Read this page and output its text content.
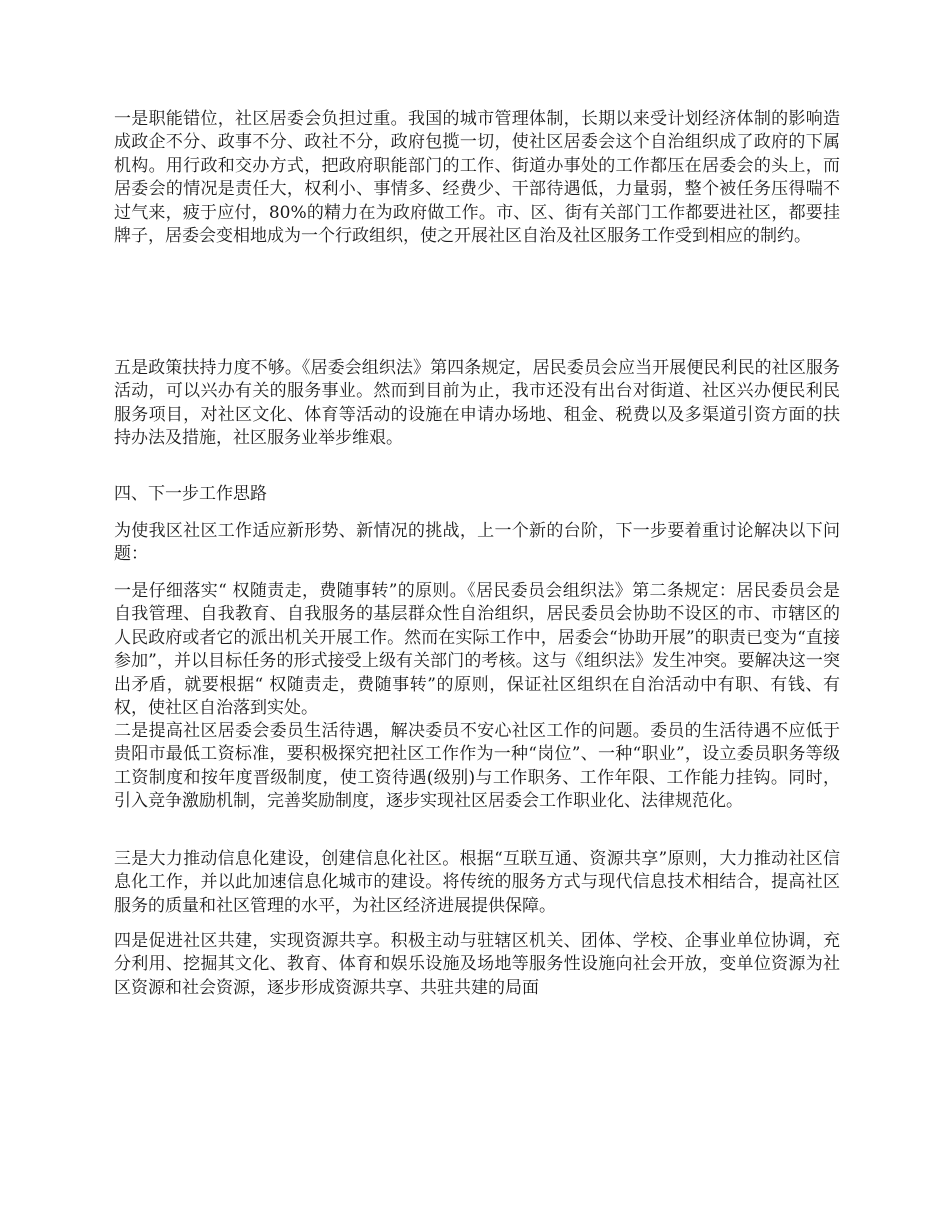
一是职能错位，社区居委会负担过重。我国的城市管理体制，长期以来受计划经济体制的影响造成政企不分、政事不分、政社不分，政府包揽一切，使社区居委会这个自治组织成了政府的下属机构。用行政和交办方式，把政府职能部门的工作、街道办事处的工作都压在居委会的头上，而居委会的情况是责任大，权利小、事情多、经费少、干部待遇低，力量弱，整个被任务压得喘不过气来，疲于应付，80%的精力在为政府做工作。市、区、街有关部门工作都要进社区，都要挂牌子，居委会变相地成为一个行政组织，使之开展社区自治及社区服务工作受到相应的制约。

五是政策扶持力度不够。《居委会组织法》第四条规定，居民委员会应当开展便民利民的社区服务活动，可以兴办有关的服务事业。然而到目前为止，我市还没有出台对街道、社区兴办便民利民服务项目，对社区文化、体育等活动的设施在申请办场地、租金、税费以及多渠道引资方面的扶持办法及措施，社区服务业举步维艰。

四、下一步工作思路

为使我区社区工作适应新形势、新情况的挑战，上一个新的台阶，下一步要着重讨论解决以下问题：

一是仔细落实“ 权随责走，费随事转”的原则。《居民委员会组织法》第二条规定：居民委员会是自我管理、自我教育、自我服务的基层群众性自治组织，居民委员会协助不设区的市、市辖区的人民政府或者它的派出机关开展工作。然而在实际工作中，居委会“协助开展”的职责已变为“直接参加”，并以目标任务的形式接受上级有关部门的考核。这与《组织法》发生冲突。要解决这一突出矛盾，就要根据“ 权随责走，费随事转”的原则，保证社区组织在自治活动中有职、有钱、有权，使社区自治落到实处。

二是提高社区居委会委员生活待遇，解决委员不安心社区工作的问题。委员的生活待遇不应低于贵阳市最低工资标准，要积极探究把社区工作作为一种“岗位”、一种“职业”，设立委员职务等级工资制度和按年度晋级制度，使工资待遇(级别)与工作职务、工作年限、工作能力挂钩。同时，引入竞争激励机制，完善奖励制度，逐步实现社区居委会工作职业化、法律规范化。

三是大力推动信息化建设，创建信息化社区。根据“互联互通、资源共享”原则，大力推动社区信息化工作，并以此加速信息化城市的建设。将传统的服务方式与现代信息技术相结合，提高社区服务的质量和社区管理的水平，为社区经济进展提供保障。

四是促进社区共建，实现资源共享。积极主动与驻辖区机关、团体、学校、企事业单位协调，充分利用、挖掘其文化、教育、体育和娱乐设施及场地等服务性设施向社会开放，变单位资源为社区资源和社会资源，逐步形成资源共享、共驻共建的局面
